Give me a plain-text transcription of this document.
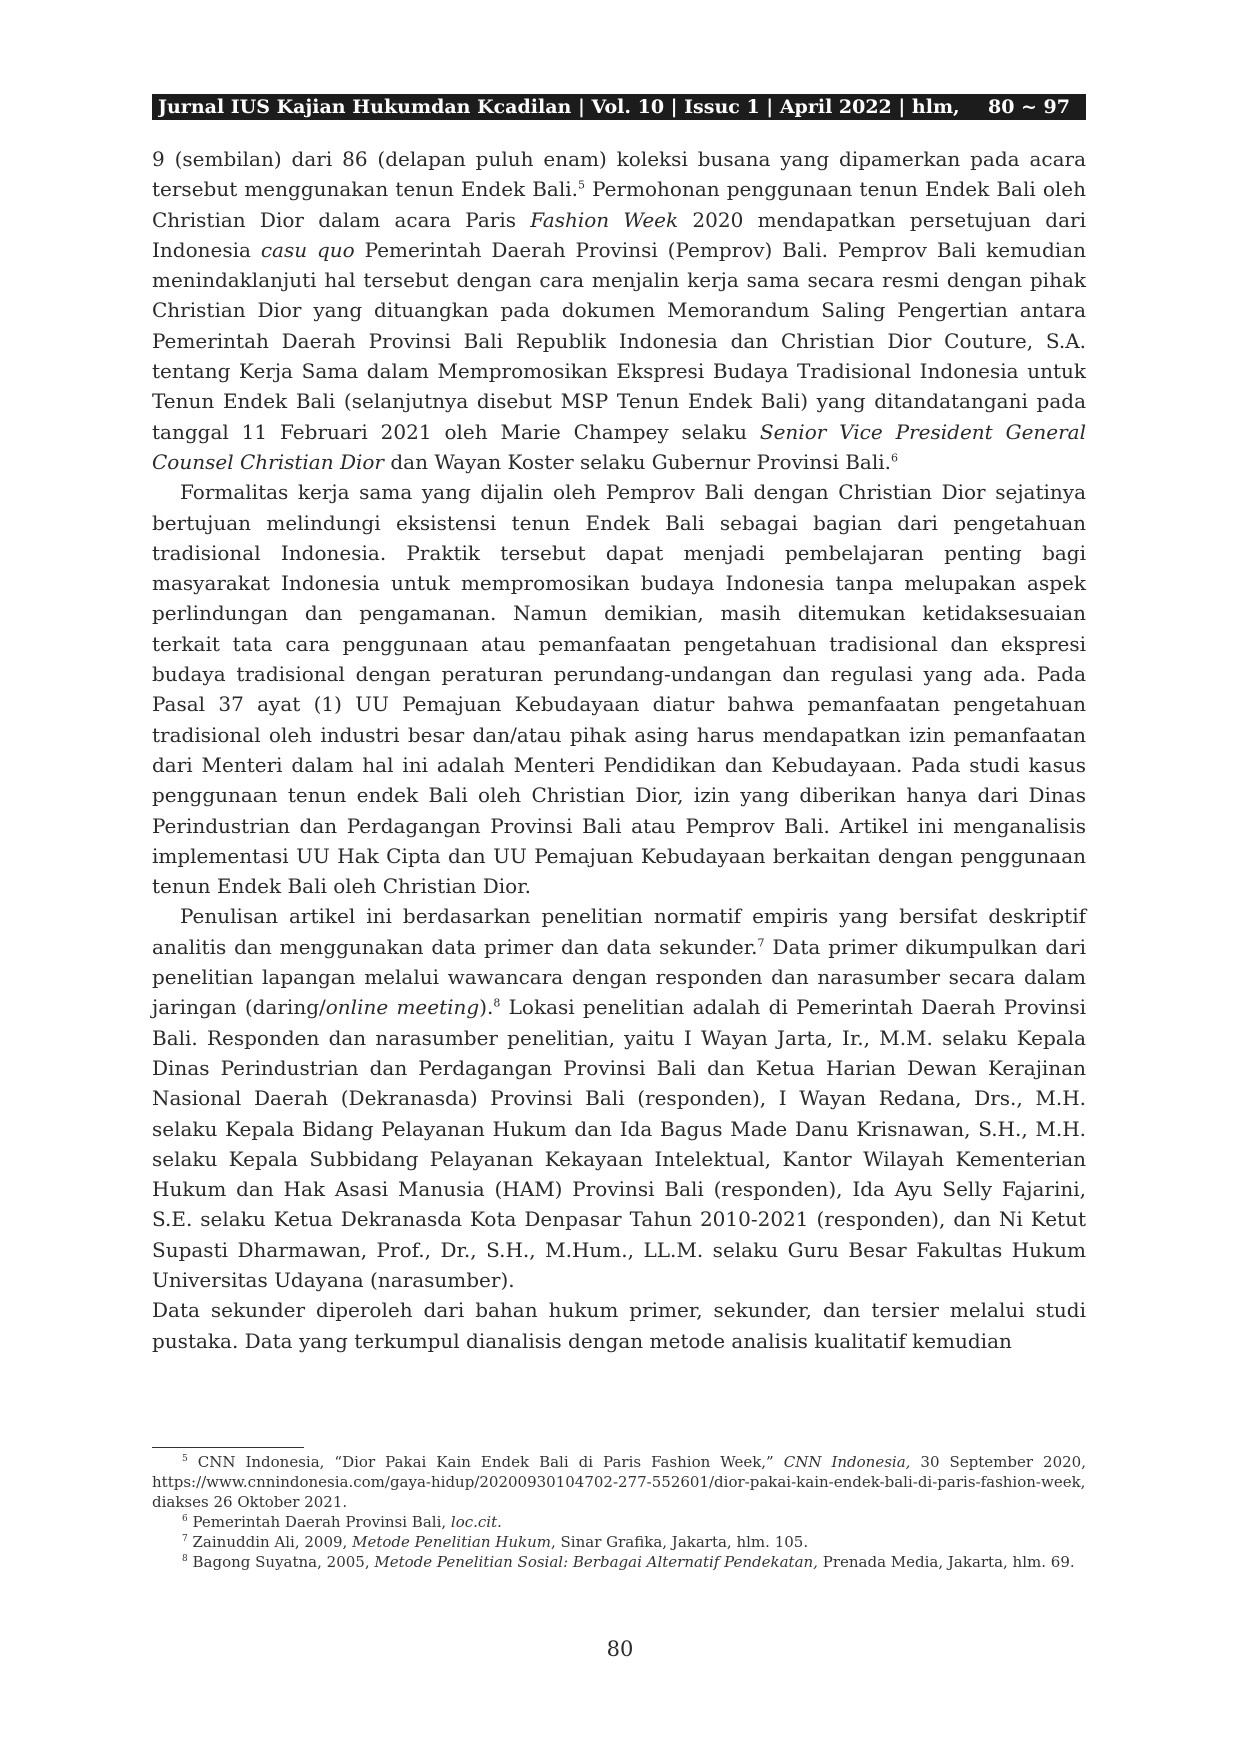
Jurnal IUS Kajian Hukumdan Kcadilan | Vol. 10 | Issuc 1 | April 2022 | hlm,	80 ~ 97

9 (sembilan) dari 86 (delapan puluh enam) koleksi busana yang dipamerkan pada acara tersebut menggunakan tenun Endek Bali.$^5$ Permohonan penggunaan tenun Endek Bali oleh Christian Dior dalam acara Paris Fashion Week 2020 mendapatkan persetujuan dari Indonesia casu quo Pemerintah Daerah Provinsi (Pemprov) Bali. Pemprov Bali kemudian menindaklanjuti hal tersebut dengan cara menjalin kerja sama secara resmi dengan pihak Christian Dior yang dituangkan pada dokumen Memorandum Saling Pengertian antara Pemerintah Daerah Provinsi Bali Republik Indonesia dan Christian Dior Couture, S.A. tentang Kerja Sama dalam Mempromosikan Ekspresi Budaya Tradisional Indonesia untuk Tenun Endek Bali (selanjutnya disebut MSP Tenun Endek Bali) yang ditandatangani pada tanggal 11 Februari 2021 oleh Marie Champey selaku Senior Vice President General Counsel Christian Dior dan Wayan Koster selaku Gubernur Provinsi Bali.$^6$

Formalitas kerja sama yang dijalin oleh Pemprov Bali dengan Christian Dior sejatinya bertujuan melindungi eksistensi tenun Endek Bali sebagai bagian dari pengetahuan tradisional Indonesia. Praktik tersebut dapat menjadi pembelajaran penting bagi masyarakat Indonesia untuk mempromosikan budaya Indonesia tanpa melupakan aspek perlindungan dan pengamanan. Namun demikian, masih ditemukan ketidaksesuaian terkait tata cara penggunaan atau pemanfaatan pengetahuan tradisional dan ekspresi budaya tradisional dengan peraturan perundang-undangan dan regulasi yang ada. Pada Pasal 37 ayat (1) UU Pemajuan Kebudayaan diatur bahwa pemanfaatan pengetahuan tradisional oleh industri besar dan/atau pihak asing harus mendapatkan izin pemanfaatan dari Menteri dalam hal ini adalah Menteri Pendidikan dan Kebudayaan. Pada studi kasus penggunaan tenun endek Bali oleh Christian Dior, izin yang diberikan hanya dari Dinas Perindustrian dan Perdagangan Provinsi Bali atau Pemprov Bali. Artikel ini menganalisis implementasi UU Hak Cipta dan UU Pemajuan Kebudayaan berkaitan dengan penggunaan tenun Endek Bali oleh Christian Dior.

Penulisan artikel ini berdasarkan penelitian normatif empiris yang bersifat deskriptif analitis dan menggunakan data primer dan data sekunder.$^7$ Data primer dikumpulkan dari penelitian lapangan melalui wawancara dengan responden dan narasumber secara dalam jaringan (daring/online meeting).$^8$ Lokasi penelitian adalah di Pemerintah Daerah Provinsi Bali. Responden dan narasumber penelitian, yaitu I Wayan Jarta, Ir., M.M. selaku Kepala Dinas Perindustrian dan Perdagangan Provinsi Bali dan Ketua Harian Dewan Kerajinan Nasional Daerah (Dekranasda) Provinsi Bali (responden), I Wayan Redana, Drs., M.H. selaku Kepala Bidang Pelayanan Hukum dan Ida Bagus Made Danu Krisnawan, S.H., M.H. selaku Kepala Subbidang Pelayanan Kekayaan Intelektual, Kantor Wilayah Kementerian Hukum dan Hak Asasi Manusia (HAM) Provinsi Bali (responden), Ida Ayu Selly Fajarini, S.E. selaku Ketua Dekranasda Kota Denpasar Tahun 2010-2021 (responden), dan Ni Ketut Supasti Dharmawan, Prof., Dr., S.H., M.Hum., LL.M. selaku Guru Besar Fakultas Hukum Universitas Udayana (narasumber).

Data sekunder diperoleh dari bahan hukum primer, sekunder, dan tersier melalui studi pustaka. Data yang terkumpul dianalisis dengan metode analisis kualitatif kemudian

$^5$ CNN Indonesia, “Dior Pakai Kain Endek Bali di Paris Fashion Week,” CNN Indonesia, 30 September 2020, https://www.cnnindonesia.com/gaya-hidup/20200930104702-277-552601/dior-pakai-kain-endek-bali-di-paris-fashion-week, diakses 26 Oktober 2021.

$^6$ Pemerintah Daerah Provinsi Bali, loc.cit.

$^7$ Zainuddin Ali, 2009, Metode Penelitian Hukum, Sinar Grafika, Jakarta, hlm. 105.

$^8$ Bagong Suyatna, 2005, Metode Penelitian Sosial: Berbagai Alternatif Pendekatan, Prenada Media, Jakarta, hlm. 69.

80
